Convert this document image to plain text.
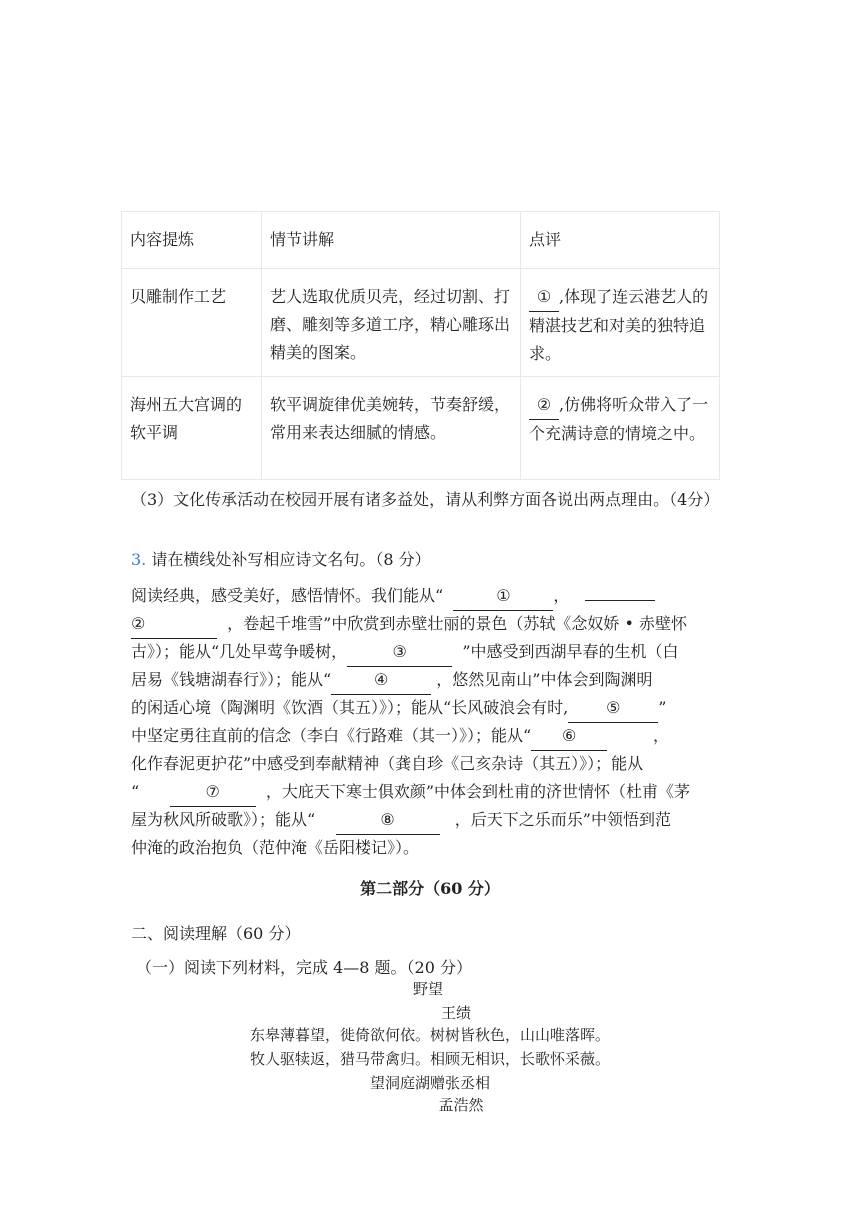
内容提炼	情节讲解	点评
贝雕制作工艺	艺人选取优质贝壳，经过切割、打磨、雕刻等多道工序，精心雕琢出精美的图案。	① ,体现了连云港艺人的精湛技艺和对美的独特追求。
海州五大宫调的软平调	软平调旋律优美婉转，节奏舒缓，常用来表达细腻的情感。	② ,仿佛将听众带入了一个充满诗意的情境之中。
（3）文化传承活动在校园开展有诸多益处，请从利弊方面各说出两点理由。（4分）
3. 请在横线处补写相应诗文名句。（8 分）
阅读经典，感受美好，感悟情怀。我们能从“	①	，
②	，卷起千堆雪”中欣赏到赤壁壮丽的景色（苏轼《念奴娇 • 赤壁怀
古》）；能从“几处早莺争暖树，	③	”中感受到西湖早春的生机（白
居易《钱塘湖春行》）；能从“	④	，悠然见南山”中体会到陶渊明
的闲适心境（陶渊明《饮酒（其五）》）；能从“长风破浪会有时, ⑤ ”
中坚定勇往直前的信念（李白《行路难（其一）》）；能从“ ⑥	，
化作春泥更护花”中感受到奉献精神（龚自珍《己亥杂诗（其五）》）；能从
“	⑦	，大庇天下寒士俱欢颜”中体会到杜甫的济世情怀（杜甫《茅
屋为秋风所破歌》）；能从“	⑧	，后天下之乐而乐”中领悟到范
仲淹的政治抱负（范仲淹《岳阳楼记》）。
第二部分（60 分）
二、阅读理解（60 分）
（一）阅读下列材料，完成 4—8 题。（20 分）
野望
王绩
东皋薄暮望，徙倚欲何依。树树皆秋色，山山唯落晖。
牧人驱犊返，猎马带禽归。相顾无相识，长歌怀采薇。
望洞庭湖赠张丞相
孟浩然
